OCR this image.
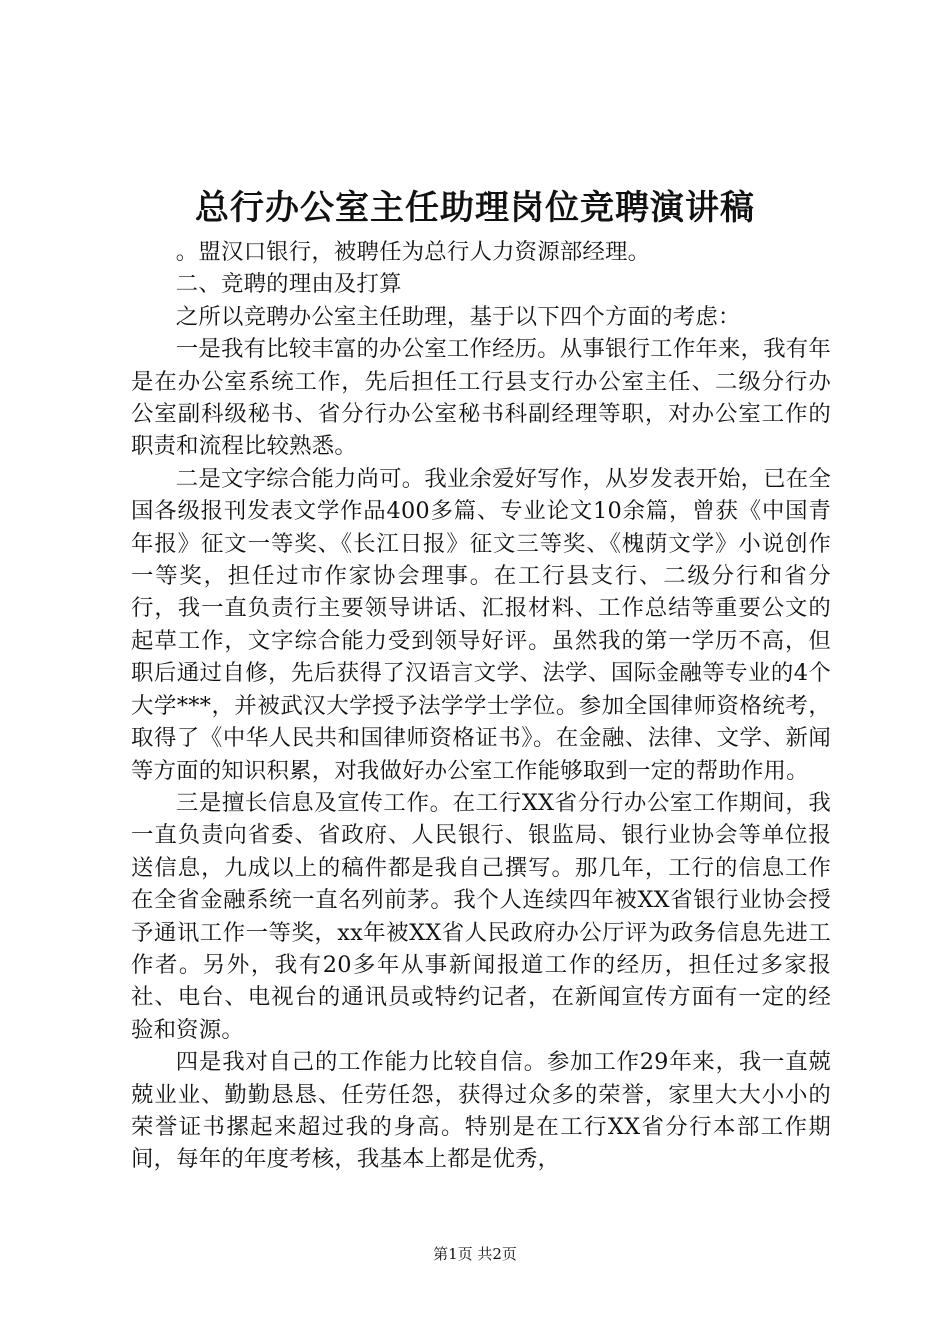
总行办公室主任助理岗位竞聘演讲稿

。盟汉口银行，被聘任为总行人力资源部经理。

二、竞聘的理由及打算

之所以竞聘办公室主任助理，基于以下四个方面的考虑：

一是我有比较丰富的办公室工作经历。从事银行工作年来，我有年是在办公室系统工作，先后担任工行县支行办公室主任、二级分行办公室副科级秘书、省分行办公室秘书科副经理等职，对办公室工作的职责和流程比较熟悉。

二是文字综合能力尚可。我业余爱好写作，从岁发表开始，已在全国各级报刊发表文学作品400多篇、专业论文10余篇，曾获《中国青年报》征文一等奖、《长江日报》征文三等奖、《槐荫文学》小说创作一等奖，担任过市作家协会理事。在工行县支行、二级分行和省分行，我一直负责行主要领导讲话、汇报材料、工作总结等重要公文的起草工作，文字综合能力受到领导好评。虽然我的第一学历不高，但职后通过自修，先后获得了汉语言文学、法学、国际金融等专业的4个大学***，并被武汉大学授予法学学士学位。参加全国律师资格统考，取得了《中华人民共和国律师资格证书》。在金融、法律、文学、新闻等方面的知识积累，对我做好办公室工作能够取到一定的帮助作用。

三是擅长信息及宣传工作。在工行XX省分行办公室工作期间，我一直负责向省委、省政府、人民银行、银监局、银行业协会等单位报送信息，九成以上的稿件都是我自己撰写。那几年，工行的信息工作在全省金融系统一直名列前茅。我个人连续四年被XX省银行业协会授予通讯工作一等奖，xx年被XX省人民政府办公厅评为政务信息先进工作者。另外，我有20多年从事新闻报道工作的经历，担任过多家报社、电台、电视台的通讯员或特约记者，在新闻宣传方面有一定的经验和资源。

四是我对自己的工作能力比较自信。参加工作29年来，我一直兢兢业业、勤勤恳恳、任劳任怨，获得过众多的荣誉，家里大大小小的荣誉证书摞起来超过我的身高。特别是在工行XX省分行本部工作期间，每年的年度考核，我基本上都是优秀，

第1页 共2页
